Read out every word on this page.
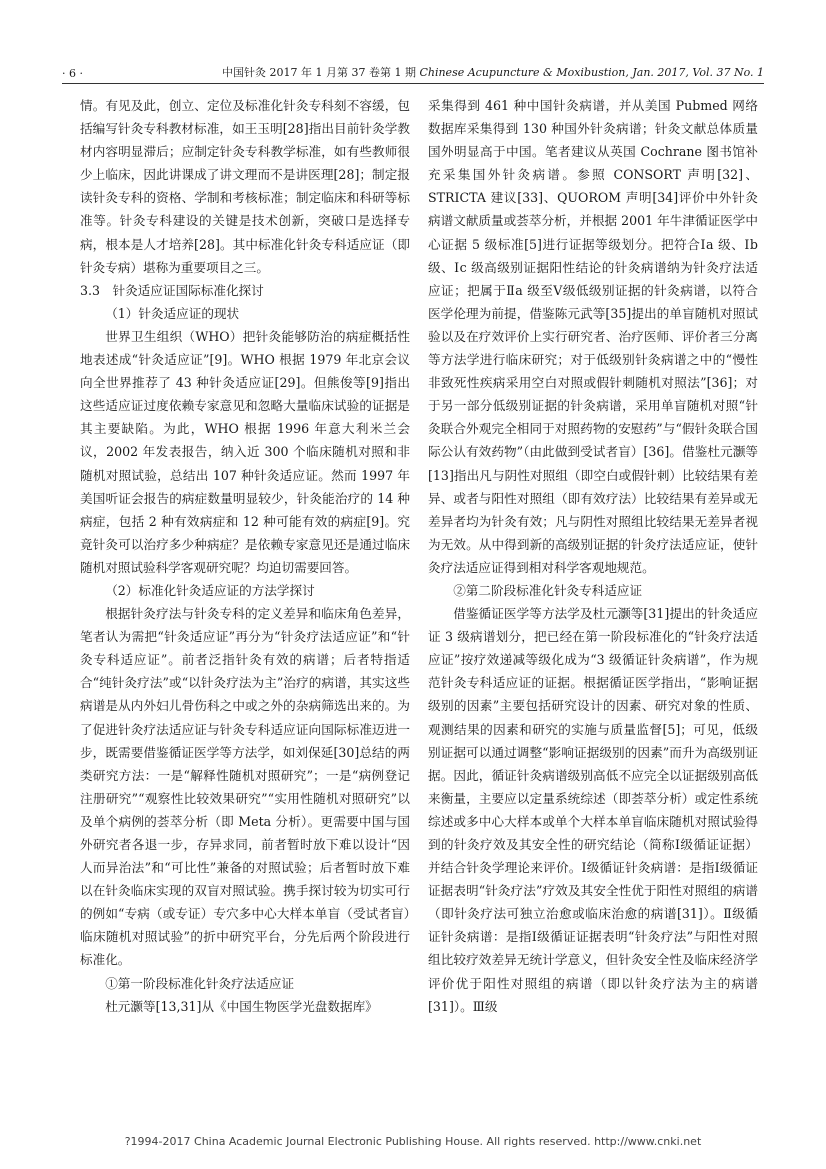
· 6 ·	中国针灸 2017 年 1 月第 37 卷第 1 期 Chinese Acupuncture & Moxibustion, Jan. 2017, Vol. 37 No. 1

情。有见及此，创立、定位及标准化针灸专科刻不容缓，包括编写针灸专科教材标准，如王玉明[28]指出目前针灸学教材内容明显滞后；应制定针灸专科教学标准，如有些教师很少上临床，因此讲课成了讲文理而不是讲医理[28]；制定报读针灸专科的资格、学制和考核标准；制定临床和科研等标准等。针灸专科建设的关键是技术创新，突破口是选择专病，根本是人才培养[28]。其中标准化针灸专科适应证（即针灸专病）堪称为重要项目之三。

3.3　针灸适应证国际标准化探讨

（1）针灸适应证的现状

世界卫生组织（WHO）把针灸能够防治的病症概括性地表述成“针灸适应证”[9]。WHO 根据 1979 年北京会议向全世界推荐了 43 种针灸适应证[29]。但熊俊等[9]指出这些适应证过度依赖专家意见和忽略大量临床试验的证据是其主要缺陷。为此，WHO 根据 1996 年意大利米兰会议，2002 年发表报告，纳入近 300 个临床随机对照和非随机对照试验，总结出 107 种针灸适应证。然而 1997 年美国听证会报告的病症数量明显较少，针灸能治疗的 14 种病症，包括 2 种有效病症和 12 种可能有效的病症[9]。究竟针灸可以治疗多少种病症？是依赖专家意见还是通过临床随机对照试验科学客观研究呢？均迫切需要回答。

（2）标准化针灸适应证的方法学探讨

根据针灸疗法与针灸专科的定义差异和临床角色差异，笔者认为需把“针灸适应证”再分为“针灸疗法适应证”和“针灸专科适应证”。前者泛指针灸有效的病谱；后者特指适合“纯针灸疗法”或“以针灸疗法为主”治疗的病谱，其实这些病谱是从内外妇儿骨伤科之中或之外的杂病筛选出来的。为了促进针灸疗法适应证与针灸专科适应证向国际标准迈进一步，既需要借鉴循证医学等方法学，如刘保延[30]总结的两类研究方法：一是“解释性随机对照研究”；一是“病例登记注册研究”“观察性比较效果研究”“实用性随机对照研究”以及单个病例的荟萃分析（即 Meta 分析）。更需要中国与国外研究者各退一步，存异求同，前者暂时放下难以设计“因人而异治法”和“可比性”兼备的对照试验；后者暂时放下难以在针灸临床实现的双盲对照试验。携手探讨较为切实可行的例如“专病（或专证）专穴多中心大样本单盲（受试者盲）临床随机对照试验”的折中研究平台，分先后两个阶段进行标准化。

①第一阶段标准化针灸疗法适应证

杜元灏等[13,31]从《中国生物医学光盘数据库》

采集得到 461 种中国针灸病谱，并从美国 Pubmed 网络数据库采集得到 130 种国外针灸病谱；针灸文献总体质量国外明显高于中国。笔者建议从英国 Cochrane 图书馆补充采集国外针灸病谱。参照 CONSORT 声明[32]、STRICTA 建议[33]、QUOROM 声明[34]评价中外针灸病谱文献质量或荟萃分析，并根据 2001 年牛津循证医学中心证据 5 级标准[5]进行证据等级划分。把符合Ⅰa 级、Ⅰb 级、Ⅰc 级高级别证据阳性结论的针灸病谱纳为针灸疗法适应证；把属于Ⅱa 级至Ⅴ级低级别证据的针灸病谱，以符合医学伦理为前提，借鉴陈元武等[35]提出的单盲随机对照试验以及在疗效评价上实行研究者、治疗医师、评价者三分离等方法学进行临床研究；对于低级别针灸病谱之中的“慢性非致死性疾病采用空白对照或假针刺随机对照法”[36]；对于另一部分低级别证据的针灸病谱，采用单盲随机对照“针灸联合外观完全相同于对照药物的安慰药”与“假针灸联合国际公认有效药物”（由此做到受试者盲）[36]。借鉴杜元灏等[13]指出凡与阴性对照组（即空白或假针刺）比较结果有差异、或者与阳性对照组（即有效疗法）比较结果有差异或无差异者均为针灸有效；凡与阴性对照组比较结果无差异者视为无效。从中得到新的高级别证据的针灸疗法适应证，使针灸疗法适应证得到相对科学客观地规范。

②第二阶段标准化针灸专科适应证

借鉴循证医学等方法学及杜元灏等[31]提出的针灸适应证 3 级病谱划分，把已经在第一阶段标准化的“针灸疗法适应证”按疗效递减等级化成为“3 级循证针灸病谱”，作为规范针灸专科适应证的证据。根据循证医学指出，“影响证据级别的因素”主要包括研究设计的因素、研究对象的性质、观测结果的因素和研究的实施与质量监督[5]；可见，低级别证据可以通过调整“影响证据级别的因素”而升为高级别证据。因此，循证针灸病谱级别高低不应完全以证据级别高低来衡量，主要应以定量系统综述（即荟萃分析）或定性系统综述或多中心大样本或单个大样本单盲临床随机对照试验得到的针灸疗效及其安全性的研究结论（简称Ⅰ级循证证据）并结合针灸学理论来评价。Ⅰ级循证针灸病谱：是指Ⅰ级循证证据表明“针灸疗法”疗效及其安全性优于阳性对照组的病谱（即针灸疗法可独立治愈或临床治愈的病谱[31]）。Ⅱ级循证针灸病谱：是指Ⅰ级循证证据表明“针灸疗法”与阳性对照组比较疗效差异无统计学意义，但针灸安全性及临床经济学评价优于阳性对照组的病谱（即以针灸疗法为主的病谱[31]）。Ⅲ级

?1994-2017 China Academic Journal Electronic Publishing House. All rights reserved. http://www.cnki.net
